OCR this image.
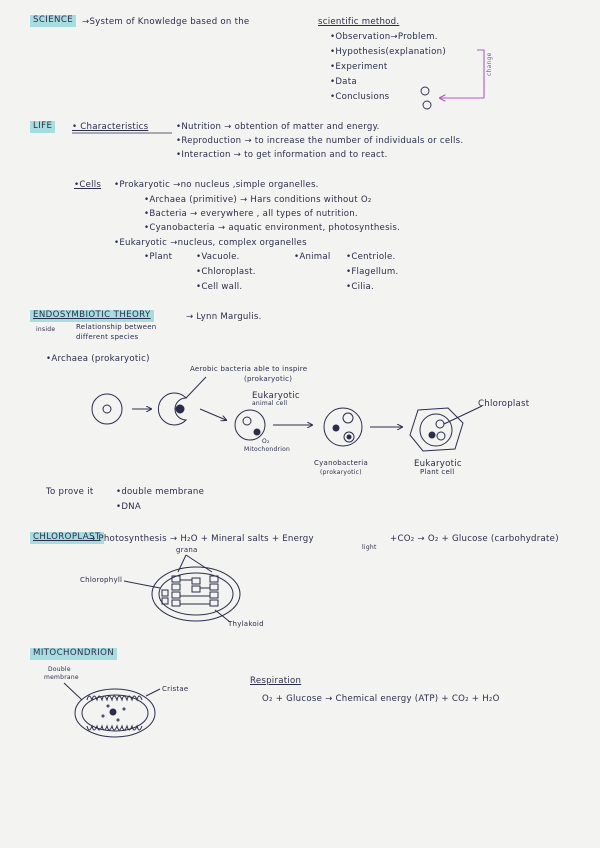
SCIENCE	→System of Knowledge based on the	scientific method.
•Observation→Problem.
•Hypothesis(explanation)
•Experiment
•Data
•Conclusions
change
LIFE	• Characteristics	•Nutrition → obtention of matter and energy.
•Reproduction → to increase the number of individuals or cells.
•Interaction → to get information and to react.
•Cells •Prokaryotic →no nucleus ,simple organelles.
•Archaea (primitive) → Hars conditions without O₂
•Bacteria → everywhere , all types of nutrition.
•Cyanobacteria → aquatic environment, photosynthesis.
•Eukaryotic →nucleus, complex organelles
•Plant	•Vacuole.
•Chloroplast.
•Cell wall.
•Animal •Centriole.
•Flagellum.
•Cilia.
ENDOSYMBIOTIC THEORY	→ Lynn Margulis.
inside	Relationship between
different species
•Archaea (prokaryotic)
Aerobic bacteria able to inspire
(prokaryotic)
Eukaryotic
animal cell
O₂
Mitochondrion
Cyanobacteria
(prokaryotic)
Chloroplast
Eukaryotic
Plant cell
To prove it	•double membrane
•DNA
CHLOROPLAST
→ Photosynthesis → H₂O + Mineral salts + Energy	+CO₂ → O₂ + Glucose (carbohydrate)
light
grana
Chlorophyll
Thylakoid
MITOCHONDRION
Double
membrane
Cristae
Respiration
O₂ + Glucose → Chemical energy (ATP) + CO₂ + H₂O
